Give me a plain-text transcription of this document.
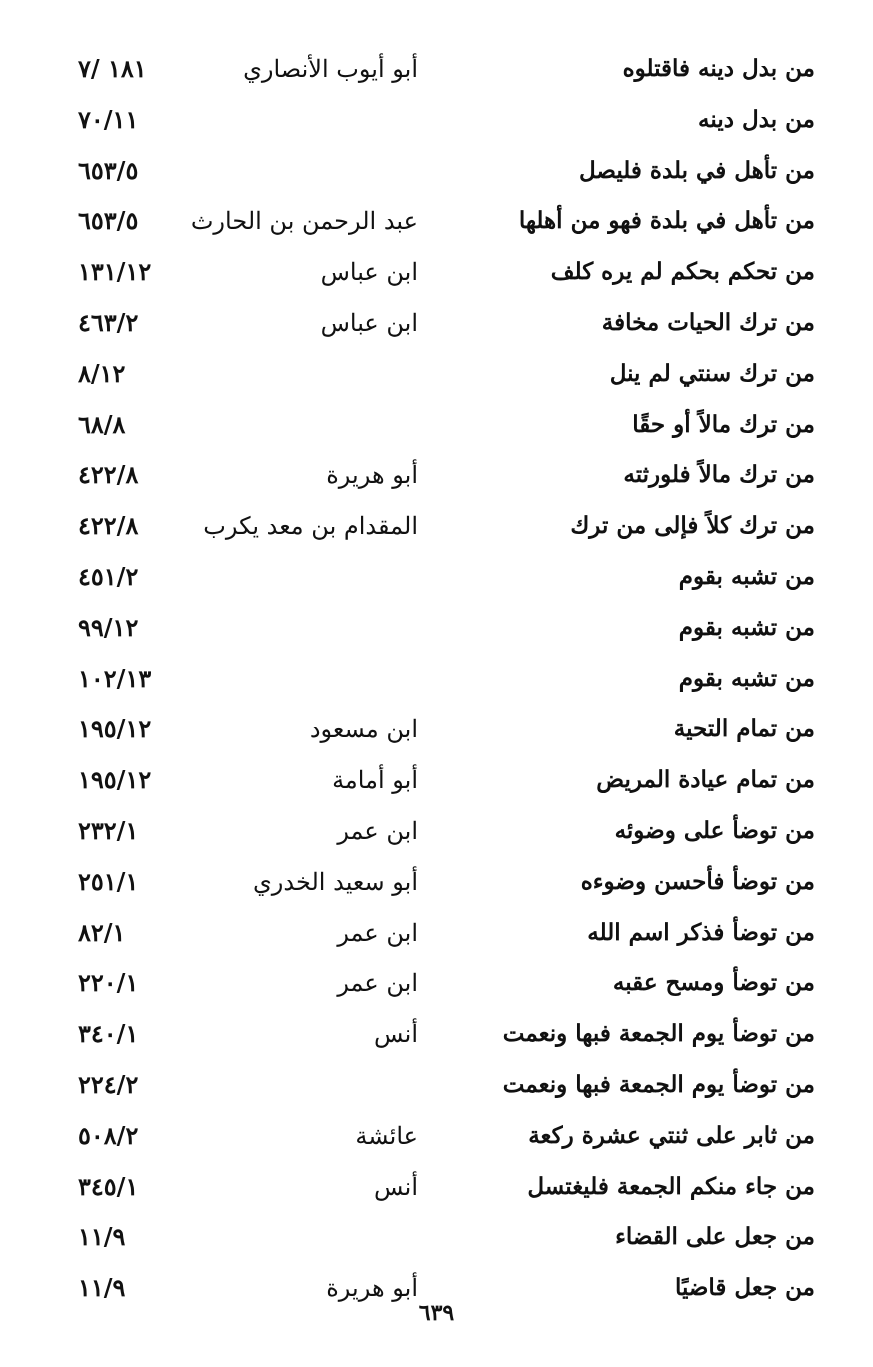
من بدل دينه فاقتلوه
أبو أيوب الأنصاري
١٨١ /٧
من بدل دينه
٧٠/١١
من تأهل في بلدة فليصل
٦٥٣/٥
من تأهل في بلدة فهو من أهلها
عبد الرحمن بن الحارث
٦٥٣/٥
من تحكم بحكم لم يره كلف
ابن عباس
١٣١/١٢
من ترك الحيات مخافة
ابن عباس
٤٦٣/٢
من ترك سنتي لم ينل
٨/١٢
من ترك مالاً أو حقًا
٦٨/٨
من ترك مالاً فلورثته
أبو هريرة
٤٢٢/٨
من ترك كلاً فإلى من ترك
المقدام بن معد يكرب
٤٢٢/٨
من تشبه بقوم
٤٥١/٢
من تشبه بقوم
٩٩/١٢
من تشبه بقوم
١٠٢/١٣
من تمام التحية
ابن مسعود
١٩٥/١٢
من تمام عيادة المريض
أبو أمامة
١٩٥/١٢
من توضأ على وضوئه
ابن عمر
٢٣٢/١
من توضأ فأحسن وضوءه
أبو سعيد الخدري
٢٥١/١
من توضأ فذكر اسم الله
ابن عمر
٨٢/١
من توضأ ومسح عقبه
ابن عمر
٢٢٠/١
من توضأ يوم الجمعة فبها ونعمت
أنس
٣٤٠/١
من توضأ يوم الجمعة فبها ونعمت
٢٢٤/٢
من ثابر على ثنتي عشرة ركعة
عائشة
٥٠٨/٢
من جاء منكم الجمعة فليغتسل
أنس
٣٤٥/١
من جعل على القضاء
١١/٩
من جعل قاضيًا
أبو هريرة
١١/٩
٦٣٩
